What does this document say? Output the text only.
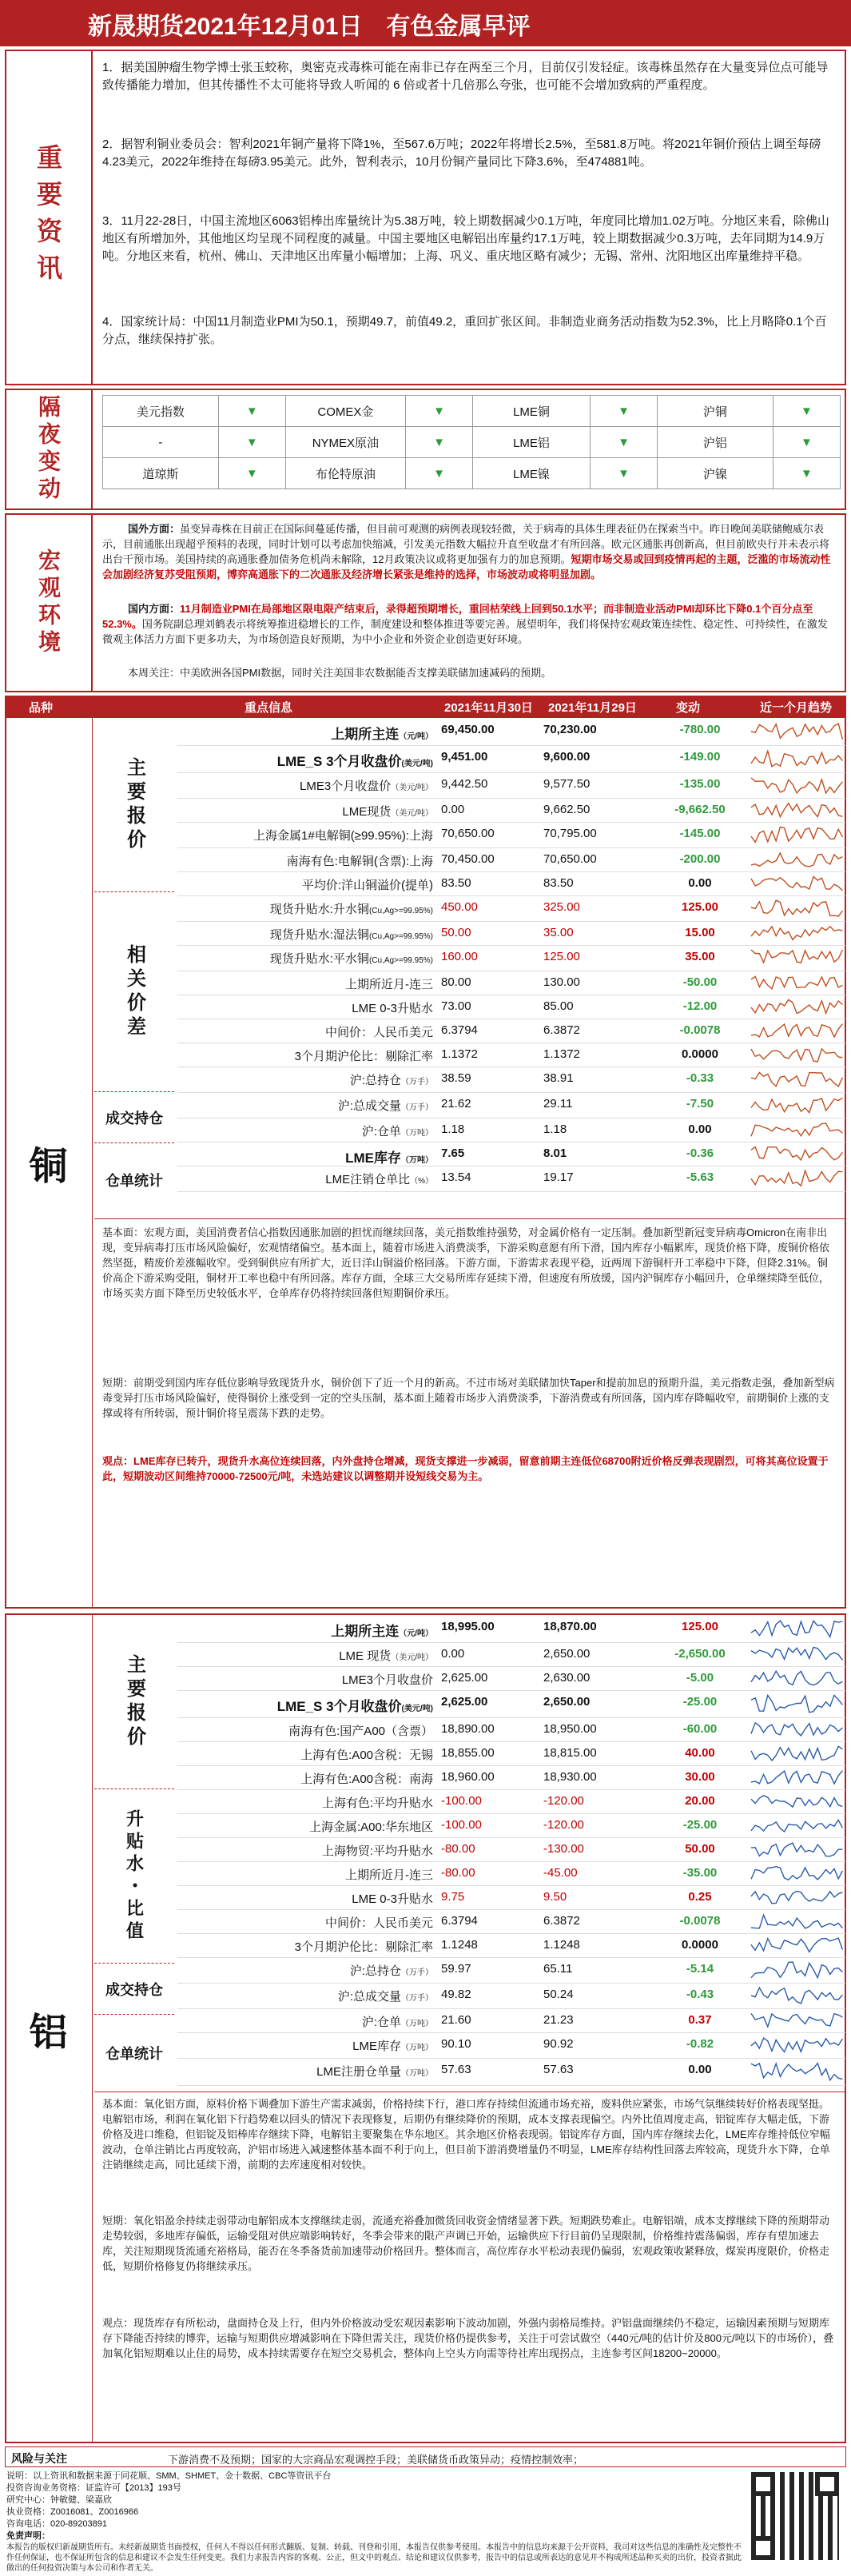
新晟期货2021年12月01日　有色金属早评
重要资讯
1．据美国肿瘤生物学博士张玉蛟称，奥密克戎毒株可能在南非已存在两至三个月，目前仅引发轻症。该毒株虽然存在大量变异位点可能导致传播能力增加，但其传播性不太可能将导致人听闻的 6 倍或者十几倍那么夸张，也可能不会增加致病的严重程度。
2．据智利铜业委员会：智利2021年铜产量将下降1%，至567.6万吨；2022年将增长2.5%，至581.8万吨。将2021年铜价预估上调至每磅4.23美元，2022年维持在每磅3.95美元。此外，智利表示，10月份铜产量同比下降3.6%，至474881吨。
3．11月22-28日，中国主流地区6063铝棒出库量统计为5.38万吨，较上期数据减少0.1万吨，年度同比增加1.02万吨。分地区来看，除佛山地区有所增加外，其他地区均呈现不同程度的减量。中国主要地区电解铝出库量约17.1万吨，较上期数据减少0.3万吨，去年同期为14.9万吨。分地区来看，杭州、佛山、天津地区出库量小幅增加；上海、巩义、重庆地区略有减少；无锡、常州、沈阳地区出库量维持平稳。
4．国家统计局：中国11月制造业PMI为50.1，预期49.7，前值49.2，重回扩张区间。非制造业商务活动指数为52.3%，比上月略降0.1个百分点，继续保持扩张。
隔夜变动	美元指数	▼	COMEX金	▼	LME铜	▼	沪铜	▼
-	▼	NYMEX原油	▼	LME铝	▼	沪铝	▼
道琼斯	▼	布伦特原油	▼	LME镍	▼	沪镍	▼
宏观环境
国外方面：虽变异毒株在目前正在国际间蔓延传播，但目前可观测的病例表现较轻微，关于病毒的具体生理表征仍在探索当中。昨日晚间美联储鲍威尔表示，目前通胀出现超乎预料的表现，同时计划可以考虑加快缩减，引发美元指数大幅拉升直至收盘才有所回落。欧元区通胀再创新高，但目前欧央行并未表示将出台干预市场。美国持续的高通胀叠加债务危机尚未解除，12月政策决议或将更加强有力的加息预期。短期市场交易或回到疫情再起的主题，泛滥的市场流动性会加剧经济复苏受阻预期，博弈高通胀下的二次通胀及经济增长紧张是维持的选择，市场波动或将明显加剧。
国内方面：11月制造业PMI在局部地区限电限产结束后，录得超预期增长，重回枯荣线上回到50.1水平；而非制造业活动PMI却环比下降0.1个百分点至52.3%。国务院副总理刘鹤表示将统筹推进稳增长的工作，制度建设和整体推进等要完善。展望明年，我们将保持宏观政策连续性、稳定性、可持续性，在激发微观主体活力方面下更多功夫，为市场创造良好预期，为中小企业和外资企业创造更好环境。
本周关注：中美欧洲各国PMI数据，同时关注美国非农数据能否支撑美联储加速减码的预期。
品种	重点信息	2021年11月30日 2021年11月29日	变动	近一个月趋势
铜
主要报价
相关价差
成交持仓
仓单统计
上期所主连（元/吨）
69,450.00	70,230.00	-780.00
LME_S 3个月收盘价(美元/吨)
9,451.00	9,600.00	-149.00
LME3个月收盘价（美元/吨） 9,442.50	9,577.50	-135.00
LME现货（美元/吨） 0.00	9,662.50	-9,662.50
上海金属1#电解铜(≥99.95%):上海 70,650.00	70,795.00	-145.00
南海有色:电解铜(含票):上海 70,450.00	70,650.00	-200.00
平均价:洋山铜溢价(提单) 83.50	83.50	0.00
现货升贴水:升水铜(Cu,Ag>=99.95%) 450.00	325.00	125.00
现货升贴水:湿法铜(Cu,Ag>=99.95%) 50.00	35.00	15.00
现货升贴水:平水铜(Cu,Ag>=99.95%) 160.00	125.00	35.00
上期所近月-连三 80.00	130.00	-50.00
LME 0-3升贴水 73.00	85.00	-12.00
中间价：人民币美元 6.3794	6.3872	-0.0078
3个月期沪伦比：剔除汇率 1.1372	1.1372	0.0000
沪:总持仓（万手） 38.59	38.91	-0.33
沪:总成交量（万手） 21.62	29.11	-7.50
沪:仓单（万吨） 1.18	1.18	0.00
LME库存（万吨）
7.65	8.01	-0.36
LME注销仓单比（%） 13.54	19.17	-5.63
基本面：宏观方面，美国消费者信心指数因通胀加剧的担忧而继续回落，美元指数维持强势，对金属价格有一定压制。叠加新型新冠变异病毒Omicron在南非出现，变异病毒打压市场风险偏好，宏观情绪偏空。基本面上，随着市场进入消费淡季，下游采购意愿有所下滑，国内库存小幅累库，现货价格下降，废铜价格依然坚挺，精废价差涨幅收窄。受到铜供应有所扩大，近日洋山铜溢价格回落。下游方面，下游需求表现平稳，近两周下游铜杆开工率稳中下降，但降2.31%。铜价高企下游采购受阻，铜材开工率也稳中有所回落。库存方面，全球三大交易所库存延续下滑，但速度有所放缓，国内沪铜库存小幅回升，仓单继续降至低位，市场买卖方面下降至历史较低水平，仓单库存仍将持续回落但短期铜价承压。
短期：前期受到国内库存低位影响导致现货升水，铜价创下了近一个月的新高。不过市场对美联储加快Taper和提前加息的预期升温，美元指数走强，叠加新型病毒变异打压市场风险偏好，使得铜价上涨受到一定的空头压制，基本面上随着市场步入消费淡季，下游消费或有所回落，国内库存降幅收窄，前期铜价上涨的支撑或将有所转弱，预计铜价将呈震荡下跌的走势。
观点：LME库存已转升，现货升水高位连续回落，内外盘持仓增减，现货支撑进一步减弱，留意前期主连低位68700附近价格反弹表现剧烈，可将其高位设置于此，短期波动区间维持70000-72500元/吨，未选站建议以调整期并设短线交易为主。
铝
主要报价
升贴水・比值
成交持仓
仓单统计
上期所主连（元/吨）
18,995.00	18,870.00	125.00
LME 现货（美元/吨） 0.00	2,650.00	-2,650.00
LME3个月收盘价 2,625.00	2,630.00	-5.00
LME_S 3个月收盘价(美元/吨)
2,625.00	2,650.00	-25.00
南海有色:国产A00（含票） 18,890.00	18,950.00	-60.00
上海有色:A00含税：无锡 18,855.00	18,815.00	40.00
上海有色:A00含税：南海 18,960.00	18,930.00	30.00
上海有色:平均升贴水 -100.00	-120.00	20.00
上海金属:A00:华东地区 -100.00	-120.00	-25.00
上海物贸:平均升贴水 -80.00	-130.00	50.00
上期所近月-连三 -80.00	-45.00	-35.00
LME 0-3升贴水 9.75	9.50	0.25
中间价：人民币美元 6.3794	6.3872	-0.0078
3个月期沪伦比：剔除汇率 1.1248	1.1248	0.0000
沪:总持仓（万手） 59.97	65.11	-5.14
沪:总成交量（万手） 49.82	50.24	-0.43
沪:仓单（万吨） 21.60	21.23	0.37
LME库存（万吨） 90.10	90.92	-0.82
LME注册仓单量（万吨） 57.63	57.63	0.00
基本面：氧化铝方面，原料价格下调叠加下游生产需求减弱，价格持续下行，港口库存持续但流通市场充裕，废料供应紧张，市场气氛继续转好价格表现坚挺。电解铝市场，利润在氧化铝下行趋势难以回头的情况下表现修复，后期仍有继续降价的预期，成本支撑表现偏空。内外比值周度走高，铝锭库存大幅走低，下游价格及进口维稳，但铝锭及铝棒库存继续下降，电解铝主要聚集在华东地区。其余地区价格表现弱。铝锭库存方面，国内库存继续去化，LME库存维持低位窄幅波动，仓单注销比占再度较高，沪铝市场进入减速整体基本面不利于向上，但目前下游消费增量仍不明显，LME库存结构性回落去库较高，现货升水下降，仓单注销继续走高，同比延续下滑，前期的去库速度相对较快。
短期：氧化铝盈余持续走弱带动电解铝成本支撑继续走弱，流通充裕叠加微货回收资金情绪显著下跌。短期跌势难止。电解铝端，成本支撑继续下降的预期带动走势较弱，多地库存偏低，运输受阻对供应端影响转好，冬季会带来的限产声调已开始，运输供应下行目前仍呈现限制，价格维持震荡偏弱，库存有望加速去库，关注短期现货流通充裕格局，能否在冬季备货前加速带动价格回升。整体而言，高位库存水平松动表现仍偏弱，宏观政策收紧释放，煤炭再度限价，价格走低，短期价格修复仍将继续承压。
观点：现货库存有所松动，盘面持仓及上行，但内外价格波动受宏观因素影响下波动加剧，外强内弱格局维持。沪铝盘面继续仍不稳定，运输因素预期与短期库存下降能否持续的博弈，运输与短期供应增减影响在下降但需关注，现货价格仍提供参考，关注于可尝试做空（440元/吨的估计价及800元/吨以下的市场价），叠加氧化铝短期难以止住的局势，成本持续需要存在短空交易机会，整体向上空头方向需等待社库出现拐点，主连参考区间18200~20000。
风险与关注	下游消费不及预期；国家的大宗商品宏观调控手段；美联储货币政策异动；疫情控制效率；
说明：以上资讯和数据来源于同花顺、SMM、SHMET、金十数据、CBC等资讯平台
投资咨询业务资格：证监许可【2013】193号
研究中心：钟敏健、梁嘉欣
执业资格：Z0016081、Z0016966
咨询电话：020-89203891
免责声明：
本报告的版权归新晟期货所有。未经新晟期货书面授权，任何人不得以任何形式翻版、复制、转载、刊登和引用，本报告仅供参考使用。本报告中的信息均来源于公开资料，我司对这些信息的准确性及完整性不作任何保证，也不保证所包含的信息和建议不会发生任何变更。我们力求报告内容的客观、公正，但文中的观点、结论和建议仅供参考，报告中的信息或所表达的意见并不构成所述品种买卖的出价，投资者据此做出的任何投资决策与本公司和作者无关。
